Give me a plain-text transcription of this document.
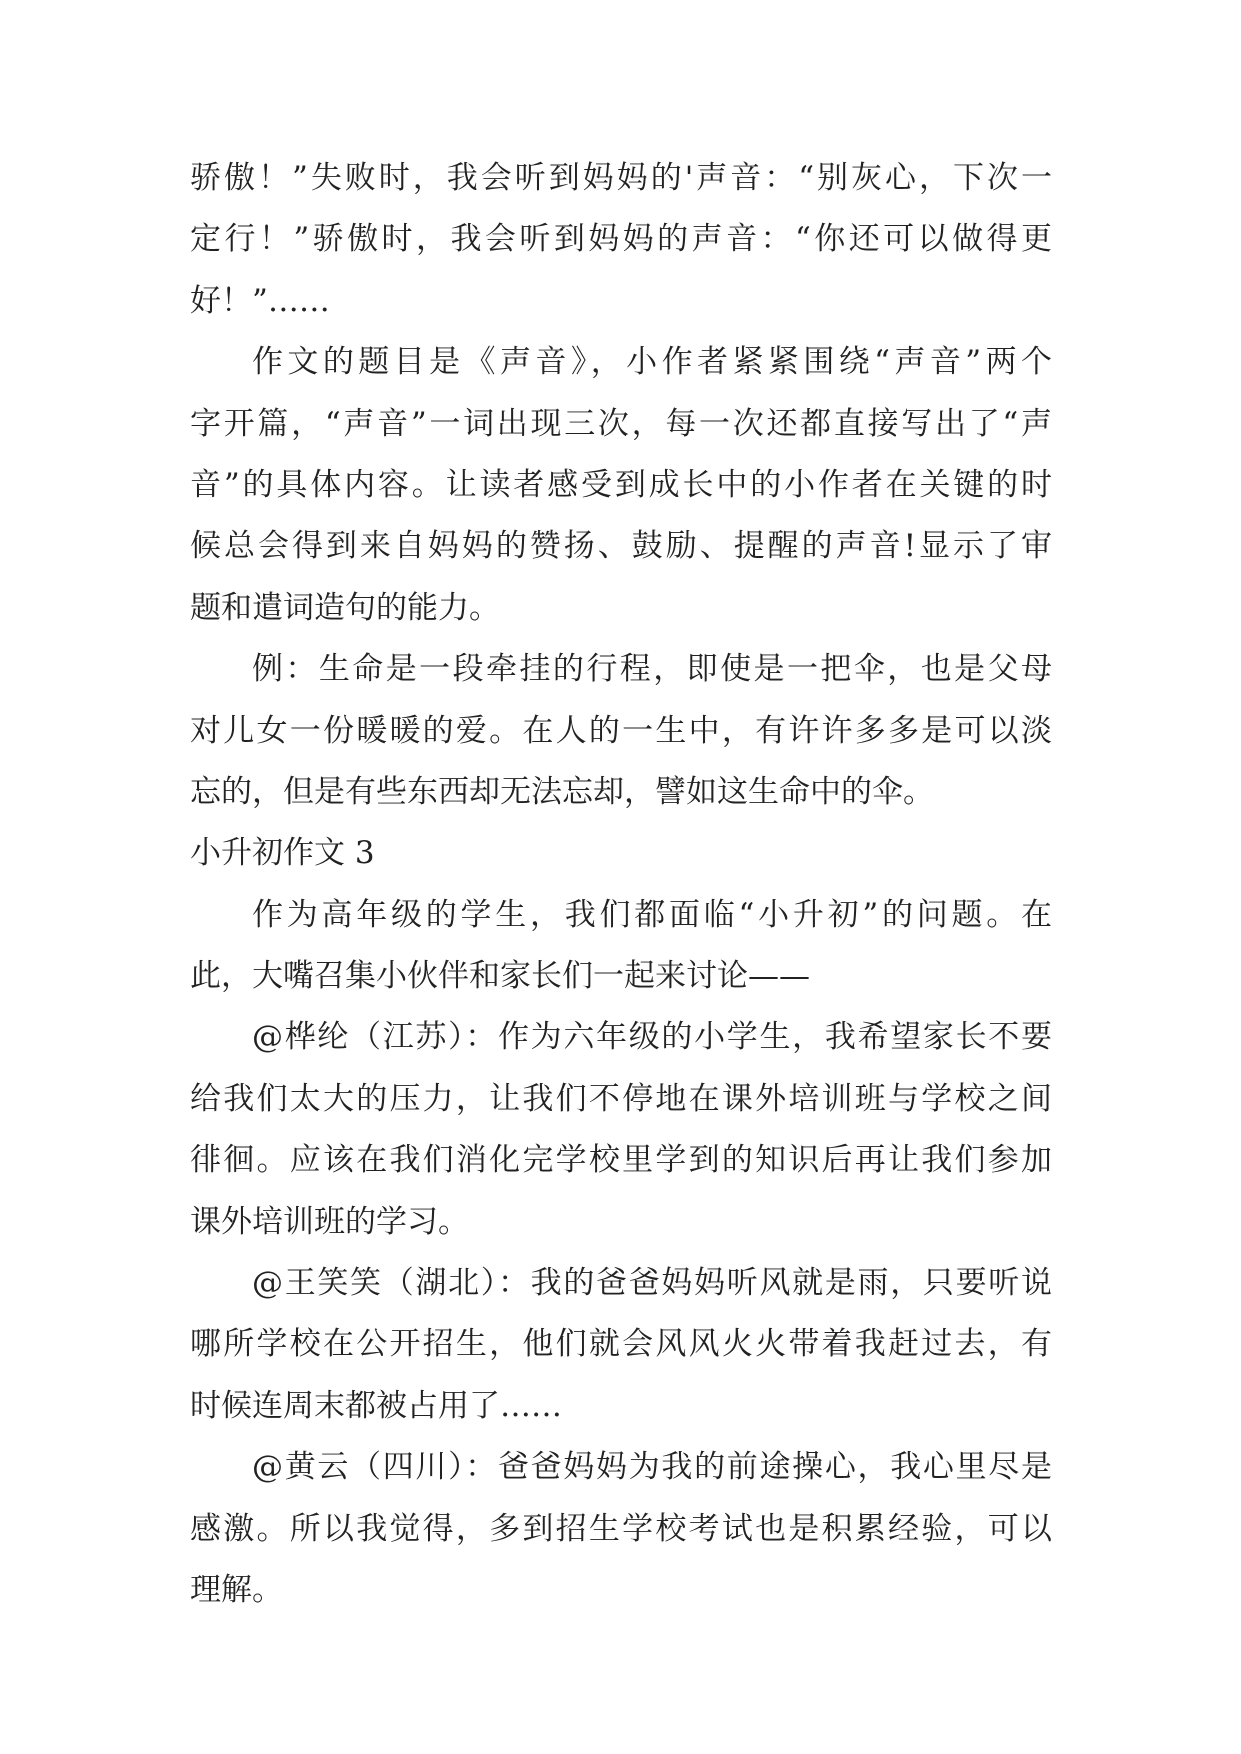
骄傲！”失败时，我会听到妈妈的'声音：“别灰心，下次一
定行！”骄傲时，我会听到妈妈的声音：“你还可以做得更
好！”……
作文的题目是《声音》，小作者紧紧围绕“声音”两个
字开篇，“声音”一词出现三次，每一次还都直接写出了“声
音”的具体内容。让读者感受到成长中的小作者在关键的时
候总会得到来自妈妈的赞扬、鼓励、提醒的声音!显示了审
题和遣词造句的能力。
例：生命是一段牵挂的行程，即使是一把伞，也是父母
对儿女一份暖暖的爱。在人的一生中，有许许多多是可以淡
忘的，但是有些东西却无法忘却，譬如这生命中的伞。
小升初作文 3
作为高年级的学生，我们都面临“小升初”的问题。在
此，大嘴召集小伙伴和家长们一起来讨论——
@桦纶（江苏）：作为六年级的小学生，我希望家长不要
给我们太大的压力，让我们不停地在课外培训班与学校之间
徘徊。应该在我们消化完学校里学到的知识后再让我们参加
课外培训班的学习。
@王笑笑（湖北）：我的爸爸妈妈听风就是雨，只要听说
哪所学校在公开招生，他们就会风风火火带着我赶过去，有
时候连周末都被占用了……
@黄云（四川）：爸爸妈妈为我的前途操心，我心里尽是
感激。所以我觉得，多到招生学校考试也是积累经验，可以
理解。
